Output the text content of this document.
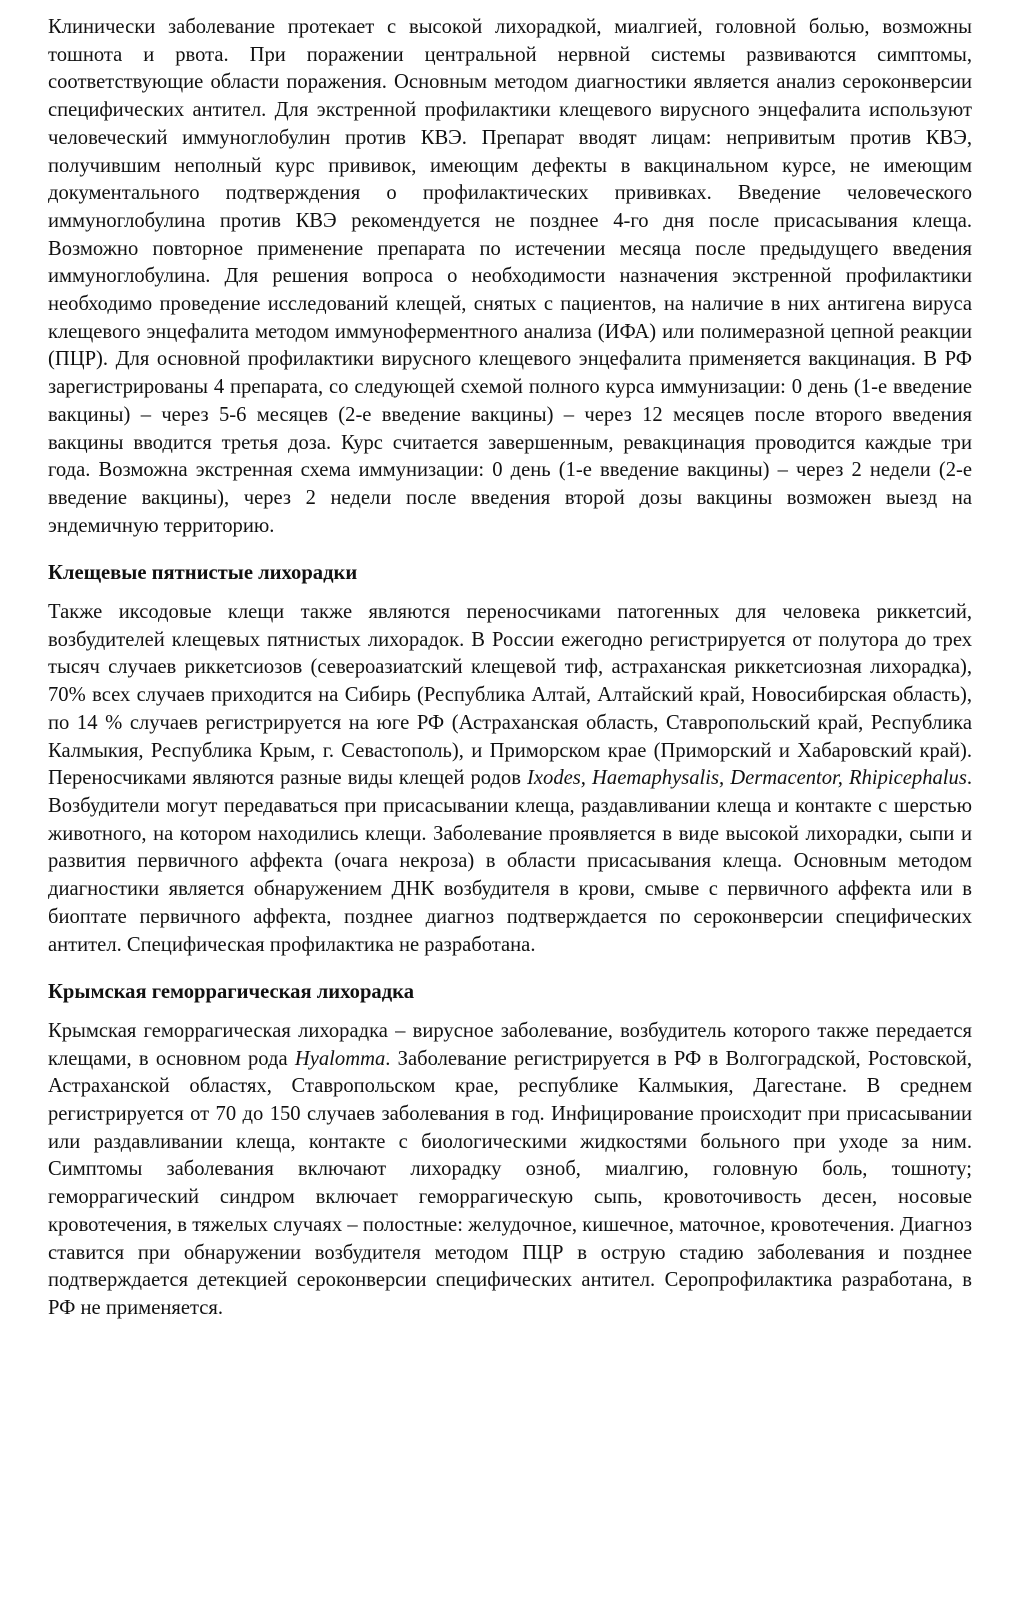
Клинически заболевание протекает с высокой лихорадкой, миалгией, головной болью, возможны тошнота и рвота. При поражении центральной нервной системы развиваются симптомы, соответствующие области поражения. Основным методом диагностики является анализ сероконверсии специфических антител. Для экстренной профилактики клещевого вирусного энцефалита используют человеческий иммуноглобулин против КВЭ. Препарат вводят лицам: непривитым против КВЭ, получившим неполный курс прививок, имеющим дефекты в вакцинальном курсе, не имеющим документального подтверждения о профилактических прививках. Введение человеческого иммуноглобулина против КВЭ рекомендуется не позднее 4-го дня после присасывания клеща. Возможно повторное применение препарата по истечении месяца после предыдущего введения иммуноглобулина. Для решения вопроса о необходимости назначения экстренной профилактики необходимо проведение исследований клещей, снятых с пациентов, на наличие в них антигена вируса клещевого энцефалита методом иммуноферментного анализа (ИФА) или полимеразной цепной реакции (ПЦР). Для основной профилактики вирусного клещевого энцефалита применяется вакцинация. В РФ зарегистрированы 4 препарата, со следующей схемой полного курса иммунизации: 0 день (1-е введение вакцины) – через 5-6 месяцев (2-е введение вакцины) – через 12 месяцев после второго введения вакцины вводится третья доза. Курс считается завершенным, ревакцинация проводится каждые три года. Возможна экстренная схема иммунизации: 0 день (1-е введение вакцины) – через 2 недели (2-е введение вакцины), через 2 недели после введения второй дозы вакцины возможен выезд на эндемичную территорию.

Клещевые пятнистые лихорадки

Также иксодовые клещи также являются переносчиками патогенных для человека риккетсий, возбудителей клещевых пятнистых лихорадок. В России ежегодно регистрируется от полутора до трех тысяч случаев риккетсиозов (североазиатский клещевой тиф, астраханская риккетсиозная лихорадка), 70% всех случаев приходится на Сибирь (Республика Алтай, Алтайский край, Новосибирская область), по 14 % случаев регистрируется на юге РФ (Астраханская область, Ставропольский край, Республика Калмыкия, Республика Крым, г. Севастополь), и Приморском крае (Приморский и Хабаровский край). Переносчиками являются разные виды клещей родов Ixodes, Haemaphysalis, Dermacentor, Rhipicephalus. Возбудители могут передаваться при присасывании клеща, раздавливании клеща и контакте с шерстью животного, на котором находились клещи. Заболевание проявляется в виде высокой лихорадки, сыпи и развития первичного аффекта (очага некроза) в области присасывания клеща. Основным методом диагностики является обнаружением ДНК возбудителя в крови, смыве с первичного аффекта или в биоптате первичного аффекта, позднее диагноз подтверждается по сероконверсии специфических антител. Специфическая профилактика не разработана.

Крымская геморрагическая лихорадка

Крымская геморрагическая лихорадка – вирусное заболевание, возбудитель которого также передается клещами, в основном рода Hyalomma. Заболевание регистрируется в РФ в Волгоградской, Ростовской, Астраханской областях, Ставропольском крае, республике Калмыкия, Дагестане. В среднем регистрируется от 70 до 150 случаев заболевания в год. Инфицирование происходит при присасывании или раздавливании клеща, контакте с биологическими жидкостями больного при уходе за ним. Симптомы заболевания включают лихорадку озноб, миалгию, головную боль, тошноту; геморрагический синдром включает геморрагическую сыпь, кровоточивость десен, носовые кровотечения, в тяжелых случаях – полостные: желудочное, кишечное, маточное, кровотечения. Диагноз ставится при обнаружении возбудителя методом ПЦР в острую стадию заболевания и позднее подтверждается детекцией сероконверсии специфических антител. Серопрофилактика разработана, в РФ не применяется.
